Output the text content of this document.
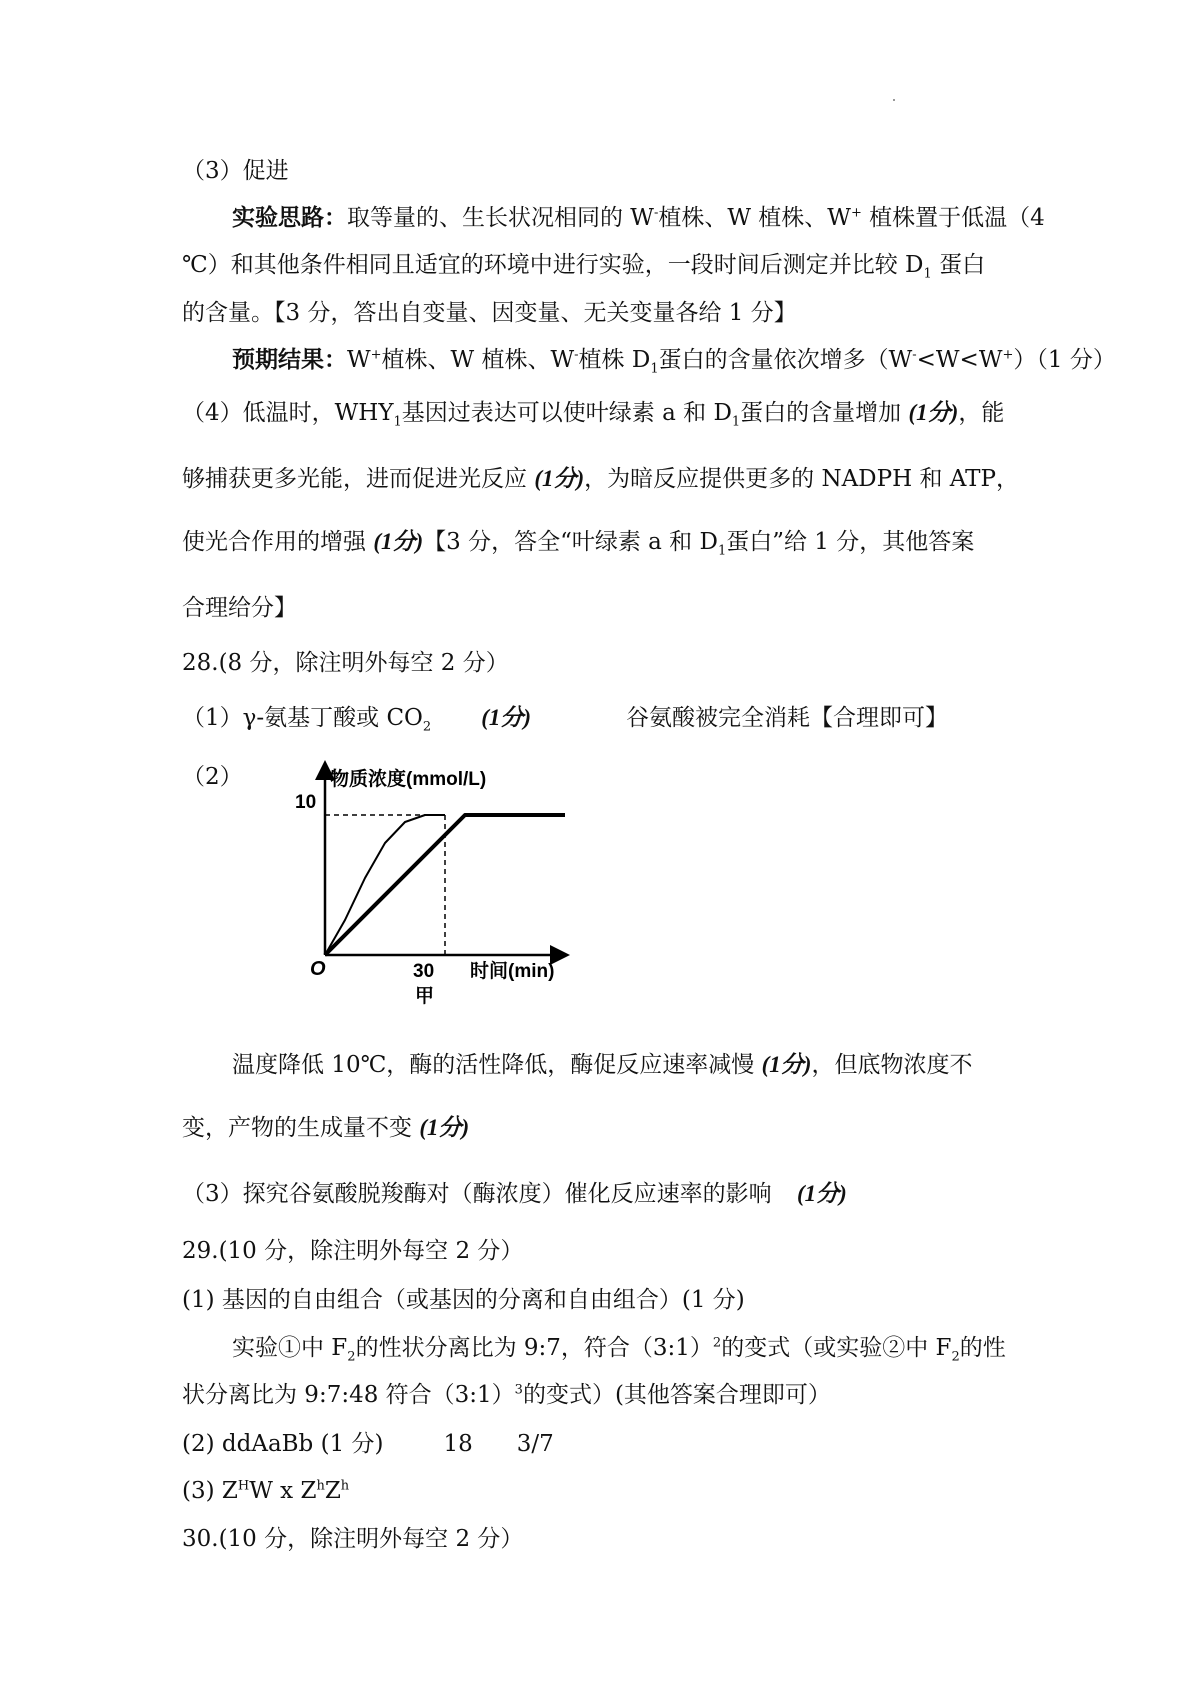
（3）促进
实验思路：取等量的、生长状况相同的 W-植株、W 植株、W+ 植株置于低温（4
℃）和其他条件相同且适宜的环境中进行实验，一段时间后测定并比较 $D_1$ 蛋白
的含量。【3 分，答出自变量、因变量、无关变量各给 1 分】
预期结果：W+植株、W 植株、W-植株 $D_1$蛋白的含量依次增多（W-<W<W+）（1 分）
（4）低温时，$WHY_1$基因过表达可以使叶绿素 a 和 $D_1$蛋白的含量增加 (1分)，能
够捕获更多光能，进而促进光反应 (1分)，为暗反应提供更多的 NADPH 和 ATP，
使光合作用的增强 (1分)【3 分，答全“叶绿素 a 和 $D_1$蛋白”给 1 分，其他答案
合理给分】
28.(8 分，除注明外每空 2 分）
（1）γ-氨基丁酸或 $CO_2$ (1分)	谷氨酸被完全消耗【合理即可】
（2）	物质浓度(mmol/L)
10
O	30 时间(min)
甲
温度降低 10℃，酶的活性降低，酶促反应速率减慢 (1分)，但底物浓度不
变，产物的生成量不变 (1分)
（3）探究谷氨酸脱羧酶对（酶浓度）催化反应速率的影响 (1分)
29.(10 分，除注明外每空 2 分）
(1) 基因的自由组合（或基因的分离和自由组合）(1 分)
实验①中 $F_2$的性状分离比为 9:7，符合（3:1）$^2$的变式（或实验②中 $F_2$的性
状分离比为 9:7:48 符合（3:1）$^3$的变式）(其他答案合理即可）
(2) ddAaBb (1 分)	18 3/7
(3) $Z^HW$ x $Z^hZ^h$
30.(10 分，除注明外每空 2 分）
